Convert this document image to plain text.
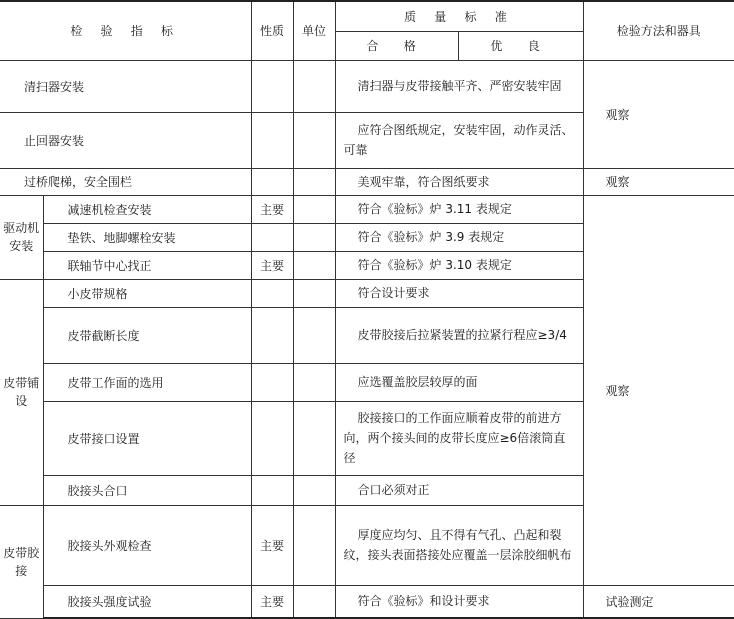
检 验 指 标		性质	单位	质 量 标 准		检验方法和器具
				合 格	优 良	
清扫器安装				清扫器与皮带接触平齐、严密安装牢固		观察
止回器安装				应符合图纸规定，安装牢固，动作灵活、可靠		
过桥爬梯，安全围栏				美观牢靠，符合图纸要求		观察
驱动机安装	减速机检查安装	主要		符合《验标》炉 3.11 表规定		观察
	垫铁、地脚螺栓安装			符合《验标》炉 3.9 表规定		
	联轴节中心找正	主要		符合《验标》炉 3.10 表规定		
皮带铺设	小皮带规格			符合设计要求		
	皮带截断长度			皮带胶接后拉紧装置的拉紧行程应≥3/4		
	皮带工作面的选用			应选覆盖胶层较厚的面		
	皮带接口设置			胶接接口的工作面应顺着皮带的前进方向，两个接头间的皮带长度应≥6倍滚筒直径		
	胶接头合口			合口必须对正		
皮带胶接	胶接头外观检查	主要		厚度应均匀、且不得有气孔、凸起和裂纹，接头表面搭接处应覆盖一层涂胶细帆布		
	胶接头强度试验	主要		符合《验标》和设计要求		试验测定
